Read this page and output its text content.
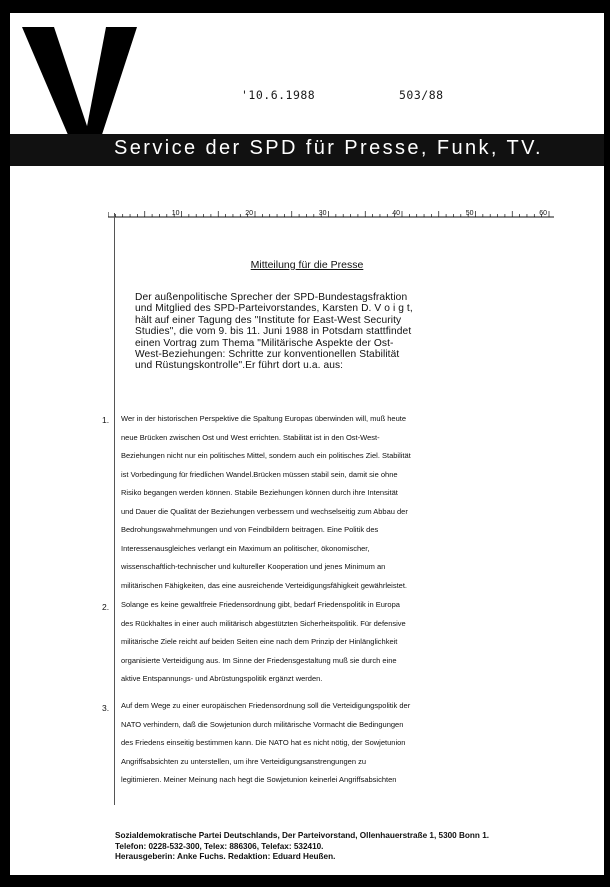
'10.6.1988	503/88
Service der SPD für Presse, Funk, TV.
10	20	30	40	50	60
Mitteilung für die Presse
Der außenpolitische Sprecher der SPD-Bundestagsfraktion
und Mitglied des SPD-Parteivorstandes, Karsten D. V o i g t,
hält auf einer Tagung des "Institute for East-West Security
Studies", die vom 9. bis 11. Juni 1988 in Potsdam stattfindet
einen Vortrag zum Thema "Militärische Aspekte der Ost-
West-Beziehungen: Schritte zur konventionellen Stabilität
und Rüstungskontrolle".Er führt dort u.a. aus:
1. Wer in der historischen Perspektive die Spaltung Europas überwinden will, muß heute
neue Brücken zwischen Ost und West errichten. Stabilität ist in den Ost-West-
Beziehungen nicht nur ein politisches Mittel, sondern auch ein politisches Ziel. Stabilität
ist Vorbedingung für friedlichen Wandel.Brücken müssen stabil sein, damit sie ohne
Risiko begangen werden können. Stabile Beziehungen können durch ihre Intensität
und Dauer die Qualität der Beziehungen verbessern und wechselseitig zum Abbau der
Bedrohungswahrnehmungen und von Feindbildern beitragen. Eine Politik des
Interessenausgleiches verlangt ein Maximum an politischer, ökonomischer,
wissenschaftlich-technischer und kultureller Kooperation und jenes Minimum an
militärischen Fähigkeiten, das eine ausreichende Verteidigungsfähigkeit gewährleistet.
2. Solange es keine gewaltfreie Friedensordnung gibt, bedarf Friedenspolitik in Europa
des Rückhaltes in einer auch militärisch abgestützten Sicherheitspolitik. Für defensive
militärische Ziele reicht auf beiden Seiten eine nach dem Prinzip der Hinlänglichkeit
organisierte Verteidigung aus. Im Sinne der Friedensgestaltung muß sie durch eine
aktive Entspannungs- und Abrüstungspolitik ergänzt werden.
3. Auf dem Wege zu einer europäischen Friedensordnung soll die Verteidigungspolitik der
NATO verhindern, daß die Sowjetunion durch militärische Vormacht die Bedingungen
des Friedens einseitig bestimmen kann. Die NATO hat es nicht nötig, der Sowjetunion
Angriffsabsichten zu unterstellen, um ihre Verteidigungsanstrengungen zu
legitimieren. Meiner Meinung nach hegt die Sowjetunion keinerlei Angriffsabsichten
Sozialdemokratische Partei Deutschlands, Der Parteivorstand, Ollenhauerstraße 1, 5300 Bonn 1.
Telefon: 0228-532-300, Telex: 886306, Telefax: 532410.
Herausgeberin: Anke Fuchs. Redaktion: Eduard Heußen.
